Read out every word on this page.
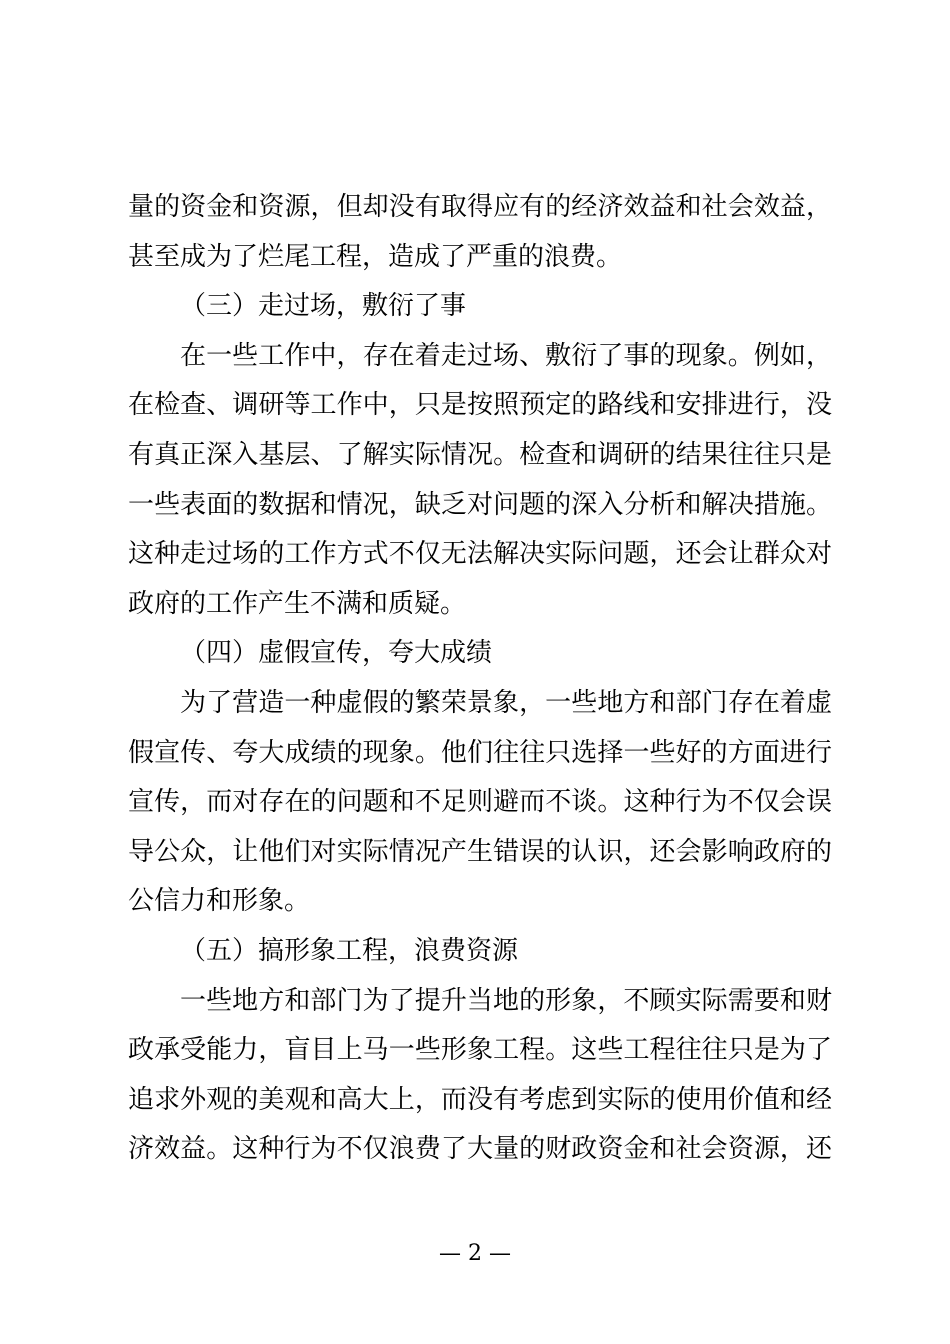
量的资金和资源，但却没有取得应有的经济效益和社会效益，
甚至成为了烂尾工程，造成了严重的浪费。
（三）走过场，敷衍了事
在一些工作中，存在着走过场、敷衍了事的现象。例如，
在检查、调研等工作中，只是按照预定的路线和安排进行，没
有真正深入基层、了解实际情况。检查和调研的结果往往只是
一些表面的数据和情况，缺乏对问题的深入分析和解决措施。
这种走过场的工作方式不仅无法解决实际问题，还会让群众对
政府的工作产生不满和质疑。
（四）虚假宣传，夸大成绩
为了营造一种虚假的繁荣景象，一些地方和部门存在着虚
假宣传、夸大成绩的现象。他们往往只选择一些好的方面进行
宣传，而对存在的问题和不足则避而不谈。这种行为不仅会误
导公众，让他们对实际情况产生错误的认识，还会影响政府的
公信力和形象。
（五）搞形象工程，浪费资源
一些地方和部门为了提升当地的形象，不顾实际需要和财
政承受能力，盲目上马一些形象工程。这些工程往往只是为了
追求外观的美观和高大上，而没有考虑到实际的使用价值和经
济效益。这种行为不仅浪费了大量的财政资金和社会资源，还
— 2 —
